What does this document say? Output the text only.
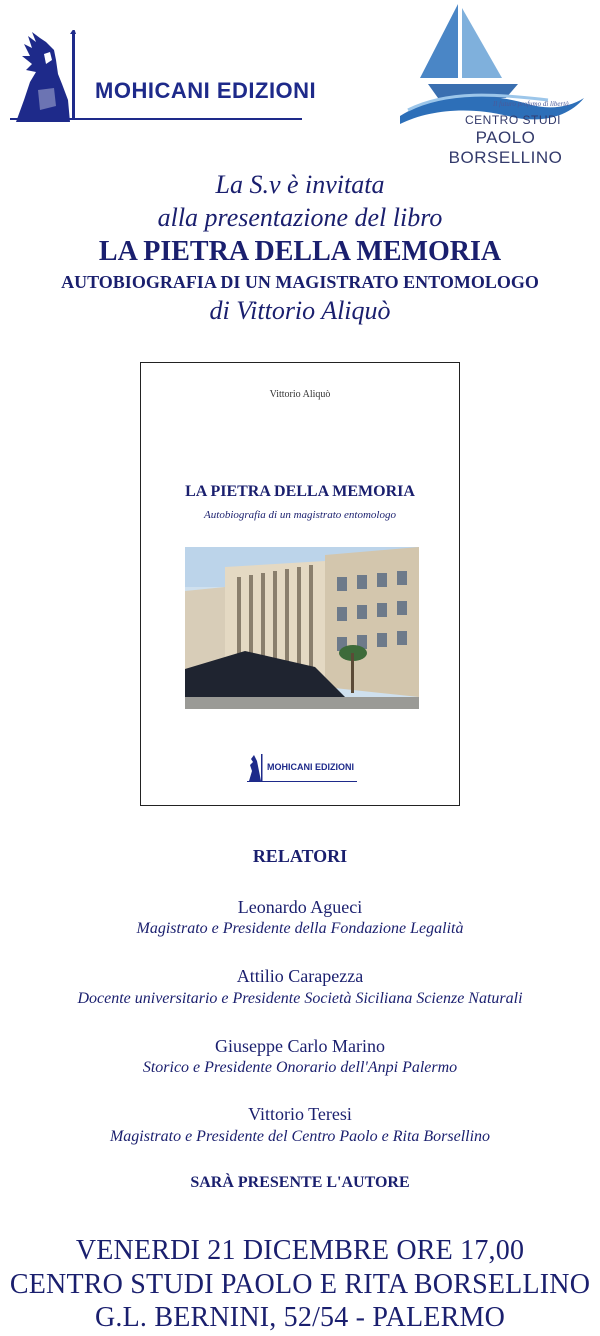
MOHICANI EDIZIONI
Il futuro profumo di libertà
CENTRO STUDI
PAOLO BORSELLINO
La S.v è invitata
alla presentazione del libro
LA PIETRA DELLA MEMORIA
AUTOBIOGRAFIA DI UN MAGISTRATO ENTOMOLOGO
di Vittorio Aliquò
Vittorio Aliquò
LA PIETRA DELLA MEMORIA
Autobiografia di un magistrato entomologo
MOHICANI EDIZIONI
RELATORI
Leonardo Agueci
Magistrato e Presidente della Fondazione Legalità
Attilio Carapezza
Docente universitario e Presidente Società Siciliana Scienze Naturali
Giuseppe Carlo Marino
Storico e Presidente Onorario dell'Anpi Palermo
Vittorio Teresi
Magistrato e Presidente del Centro Paolo e Rita Borsellino
SARÀ PRESENTE L'AUTORE
VENERDI 21 DICEMBRE ORE 17,00
CENTRO STUDI PAOLO E RITA BORSELLINO
G.L. BERNINI, 52/54 - PALERMO
